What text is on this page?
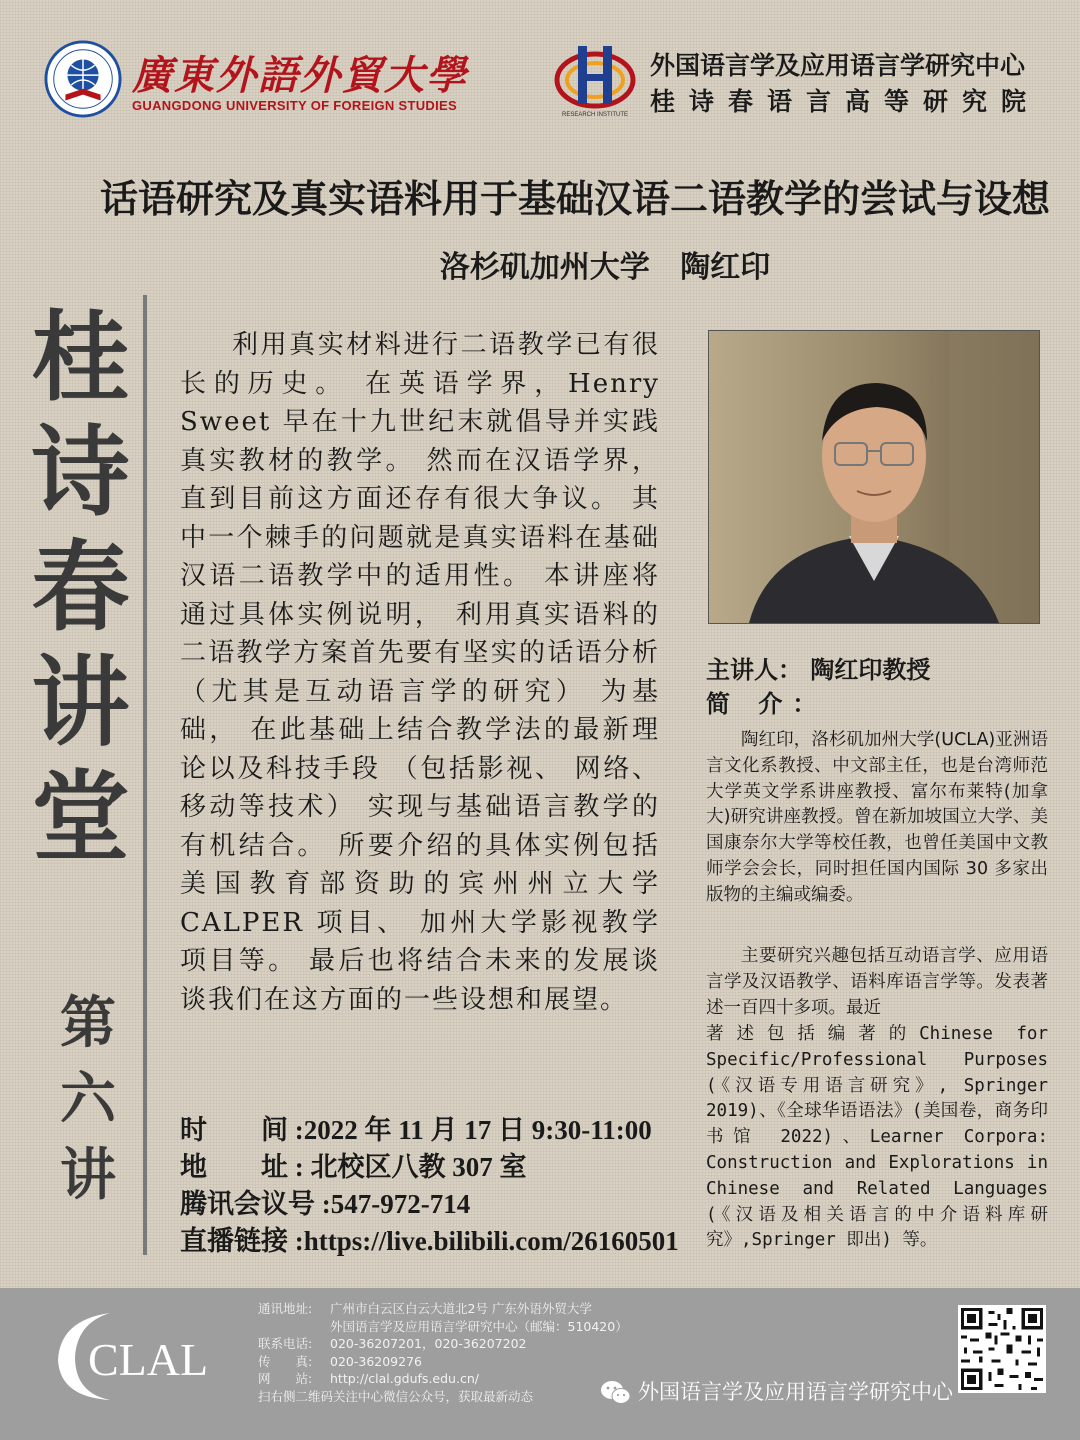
廣東外語外貿大學
GUANGDONG UNIVERSITY OF FOREIGN STUDIES
RESEARCH INSTITUTE
外国语言学及应用语言学研究中心
桂诗春语言高等研究院
话语研究及真实语料用于基础汉语二语教学的尝试与设想
洛杉矶加州大学 陶红印
桂诗春讲堂
第六讲
利用真实材料进行二语教学已有很长的历史。 在英语学界，Henry Sweet 早在十九世纪末就倡导并实践真实教材的教学。 然而在汉语学界， 直到目前这方面还存有很大争议。 其中一个棘手的问题就是真实语料在基础汉语二语教学中的适用性。 本讲座将通过具体实例说明， 利用真实语料的二语教学方案首先要有坚实的话语分析 （尤其是互动语言学的研究） 为基础， 在此基础上结合教学法的最新理论以及科技手段 （包括影视、 网络、 移动等技术） 实现与基础语言教学的有机结合。 所要介绍的具体实例包括美国教育部资助的宾州州立大学 CALPER 项目、 加州大学影视教学项目等。 最后也将结合未来的发展谈谈我们在这方面的一些设想和展望。
时　　间 :2022 年 11 月 17 日 9:30-11:00
地　　址 : 北校区八教 307 室
腾讯会议号 :547-972-714
直播链接 :https://live.bilibili.com/26160501
主讲人： 陶红印教授
简 介：
陶红印，洛杉矶加州大学(UCLA)亚洲语言文化系教授、中文部主任，也是台湾师范大学英文学系讲座教授、富尔布莱特(加拿大)研究讲座教授。曾在新加坡国立大学、美国康奈尔大学等校任教，也曾任美国中文教师学会会长，同时担任国内国际 30 多家出版物的主编或编委。
主要研究兴趣包括互动语言学、应用语言学及汉语教学、语料库语言学等。发表著述一百四十多项。最近
著述包括编著的Chinese for Specific/Professional Purposes (《汉语专用语言研究》, Springer 2019)、《全球华语语法》(美国卷，商务印书馆 2022)、Learner Corpora: Construction and Explorations in Chinese and Related Languages (《汉语及相关语言的中介语料库研究》,Springer 即出) 等。
CLAL
通讯地址: 广州市白云区白云大道北2号 广东外语外贸大学
外国语言学及应用语言学研究中心（邮编：510420）
联系电话: 020-36207201，020-36207202
传　　真: 020-36209276
网　　站: http://clal.gdufs.edu.cn/
扫右侧二维码关注中心微信公众号，获取最新动态	外国语言学及应用语言学研究中心
